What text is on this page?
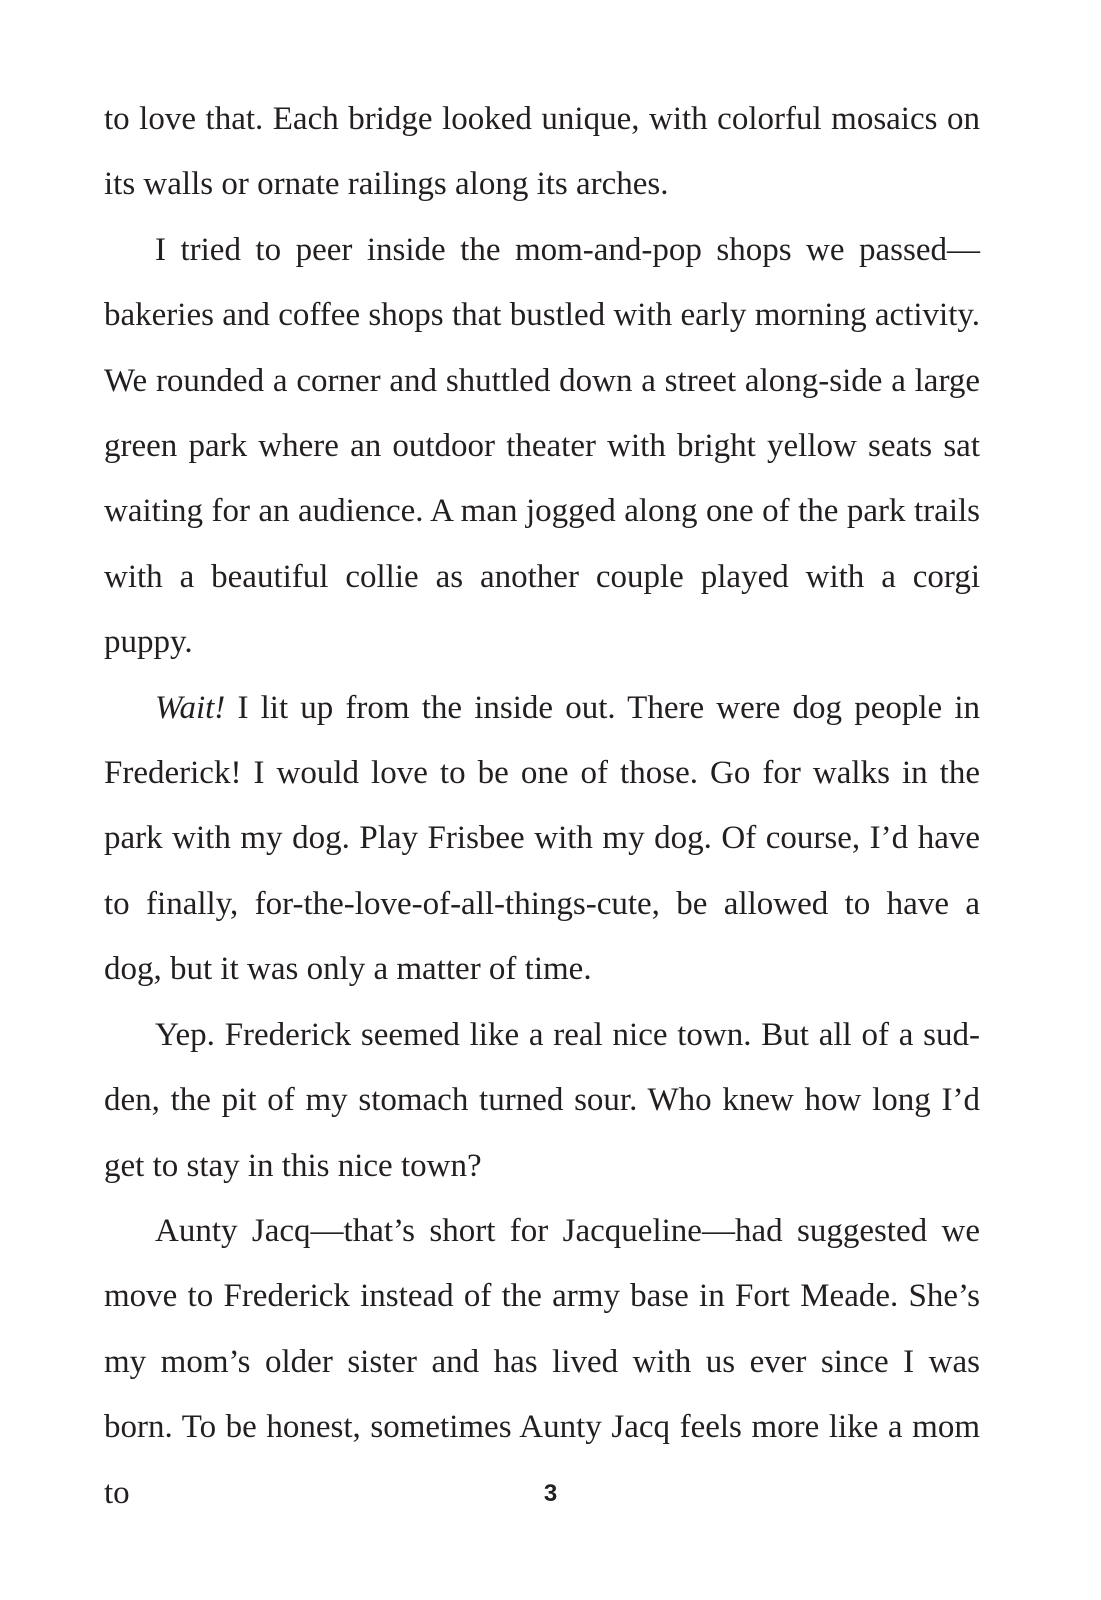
to love that. Each bridge looked unique, with colorful mosaics on its walls or ornate railings along its arches.

I tried to peer inside the mom-and-pop shops we passed—bakeries and coffee shops that bustled with early morning activity. We rounded a corner and shuttled down a street along-side a large green park where an outdoor theater with bright yellow seats sat waiting for an audience. A man jogged along one of the park trails with a beautiful collie as another couple played with a corgi puppy.

Wait! I lit up from the inside out. There were dog people in Frederick! I would love to be one of those. Go for walks in the park with my dog. Play Frisbee with my dog. Of course, I’d have to finally, for-the-love-of-all-things-cute, be allowed to have a dog, but it was only a matter of time.

Yep. Frederick seemed like a real nice town. But all of a sud-den, the pit of my stomach turned sour. Who knew how long I’d get to stay in this nice town?

Aunty Jacq—that’s short for Jacqueline—had suggested we move to Frederick instead of the army base in Fort Meade. She’s my mom’s older sister and has lived with us ever since I was born. To be honest, sometimes Aunty Jacq feels more like a mom to	3
